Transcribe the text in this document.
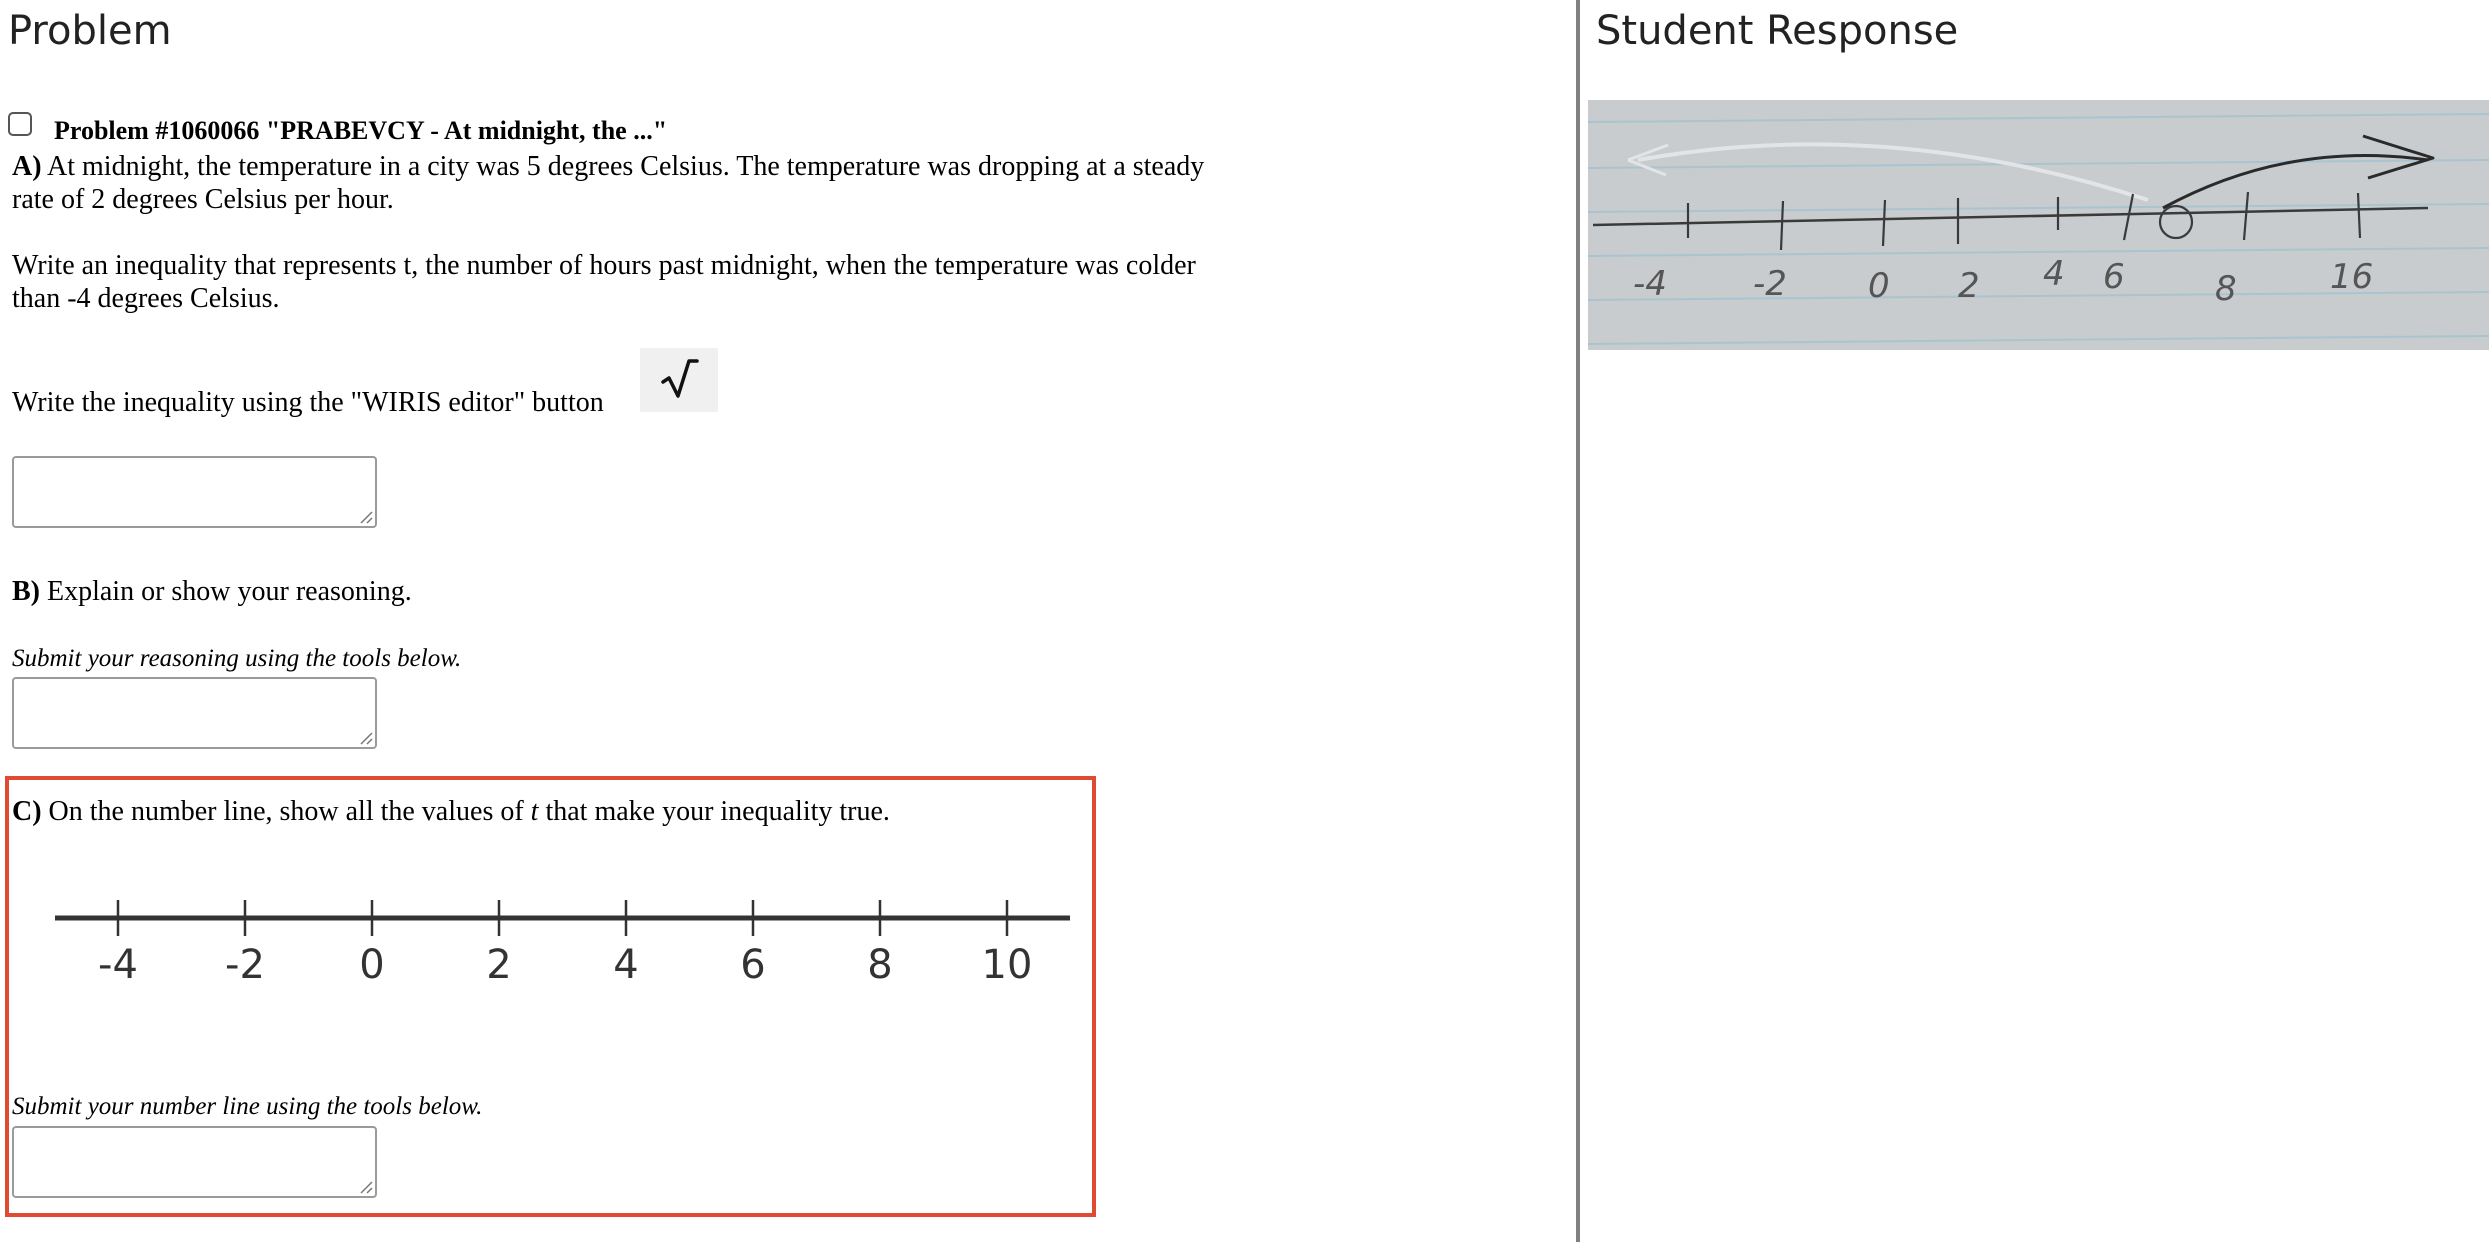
Problem
Problem #1060066 "PRABEVCY - At midnight, the ..."
A) At midnight, the temperature in a city was 5 degrees Celsius. The temperature was dropping at a steady
rate of 2 degrees Celsius per hour.
Write an inequality that represents t, the number of hours past midnight, when the temperature was colder
than -4 degrees Celsius.
Write the inequality using the "WIRIS editor" button
B) Explain or show your reasoning.
Submit your reasoning using the tools below.
C) On the number line, show all the values of t that make your inequality true.
-4 -2 0	2	4	6	8 10
Submit your number line using the tools below.
Student Response
-4	-2 0 2 4 6	8	16
